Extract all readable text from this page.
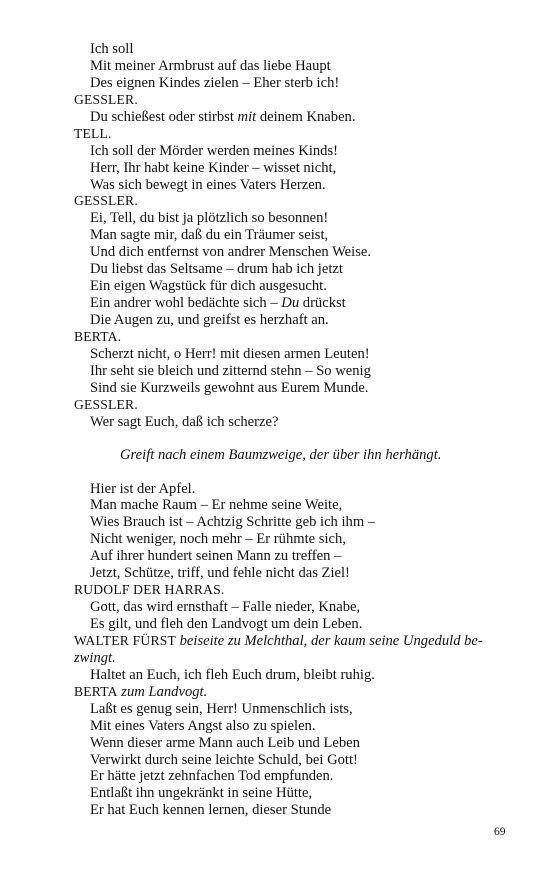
Ich soll
Mit meiner Armbrust auf das liebe Haupt
Des eignen Kindes zielen – Eher sterb ich!
GESSLER.
Du schießest oder stirbst mit deinem Knaben.
TELL.
Ich soll der Mörder werden meines Kinds!
Herr, Ihr habt keine Kinder – wisset nicht,
Was sich bewegt in eines Vaters Herzen.
GESSLER.
Ei, Tell, du bist ja plötzlich so besonnen!
Man sagte mir, daß du ein Träumer seist,
Und dich entfernst von andrer Menschen Weise.
Du liebst das Seltsame – drum hab ich jetzt
Ein eigen Wagstück für dich ausgesucht.
Ein andrer wohl bedächte sich – Du drückst
Die Augen zu, und greifst es herzhaft an.
BERTA.
Scherzt nicht, o Herr! mit diesen armen Leuten!
Ihr seht sie bleich und zitternd stehn – So wenig
Sind sie Kurzweils gewohnt aus Eurem Munde.
GESSLER.
Wer sagt Euch, daß ich scherze?
Greift nach einem Baumzweige, der über ihn herhängt.
Hier ist der Apfel.
Man mache Raum – Er nehme seine Weite,
Wies Brauch ist – Achtzig Schritte geb ich ihm –
Nicht weniger, noch mehr – Er rühmte sich,
Auf ihrer hundert seinen Mann zu treffen –
Jetzt, Schütze, triff, und fehle nicht das Ziel!
RUDOLF DER HARRAS.
Gott, das wird ernsthaft – Falle nieder, Knabe,
Es gilt, und fleh den Landvogt um dein Leben.
WALTER FÜRST beiseite zu Melchthal, der kaum seine Ungeduld be-
zwingt.
Haltet an Euch, ich fleh Euch drum, bleibt ruhig.
BERTA zum Landvogt.
Laßt es genug sein, Herr! Unmenschlich ists,
Mit eines Vaters Angst also zu spielen.
Wenn dieser arme Mann auch Leib und Leben
Verwirkt durch seine leichte Schuld, bei Gott!
Er hätte jetzt zehnfachen Tod empfunden.
Entlaßt ihn ungekränkt in seine Hütte,
Er hat Euch kennen lernen, dieser Stunde
69
